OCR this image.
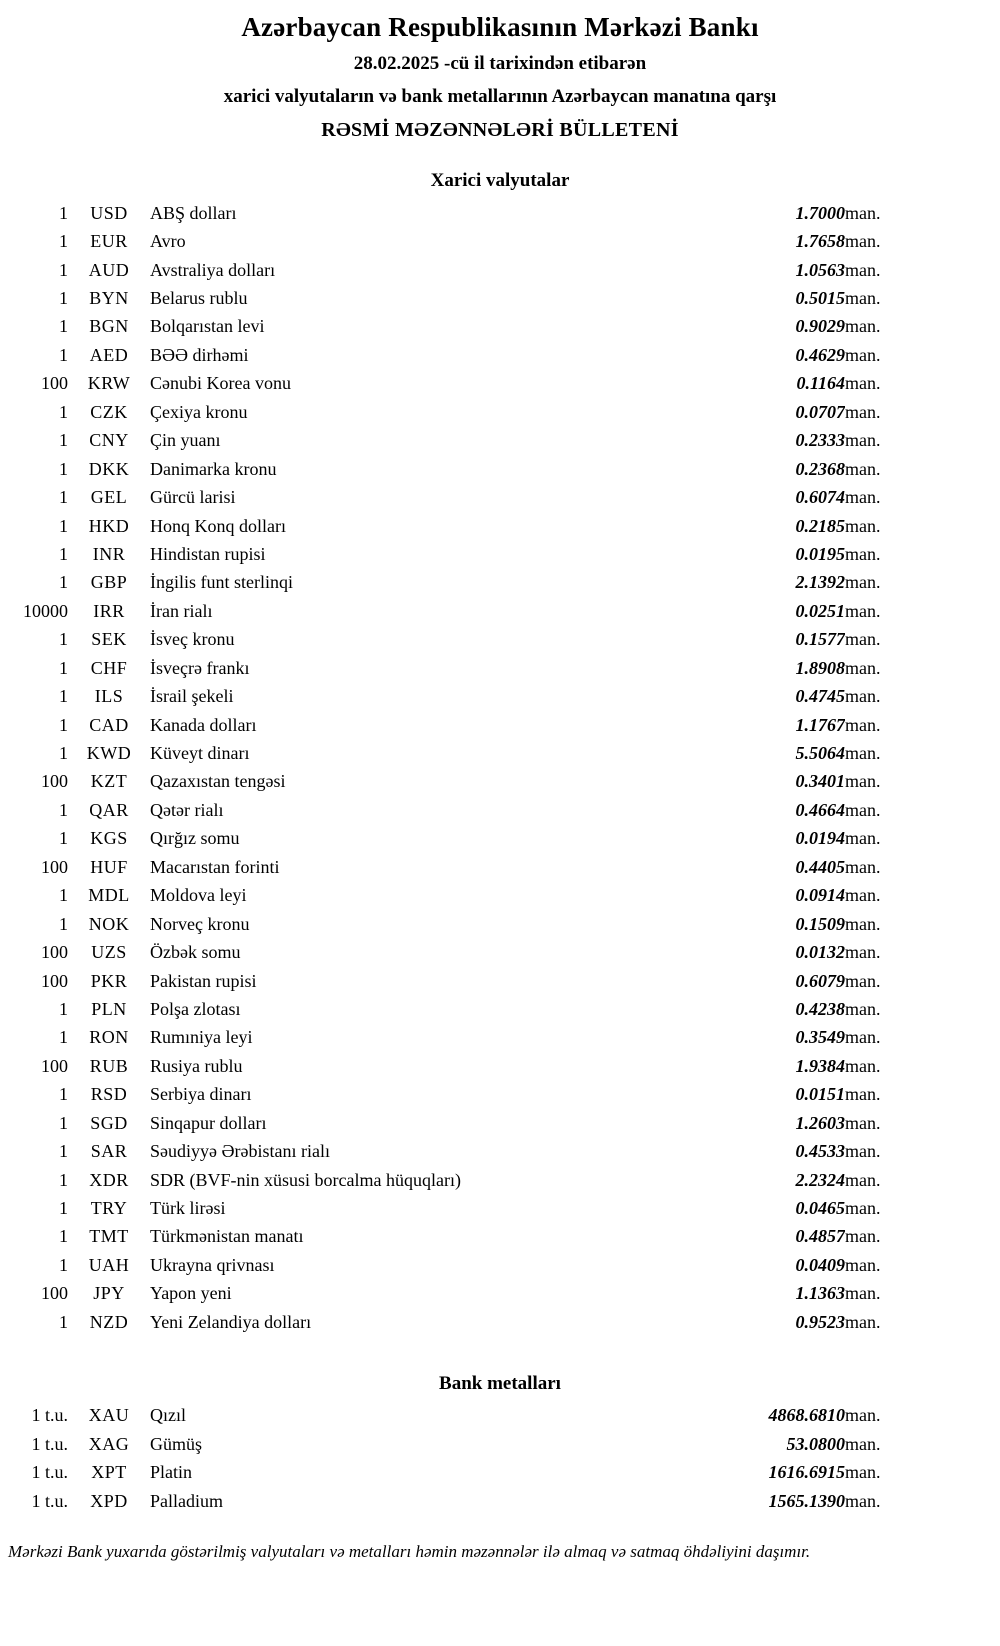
Azərbaycan Respublikasının Mərkəzi Bankı
28.02.2025 -cü il tarixindən etibarən
xarici valyutaların və bank metallarının Azərbaycan manatına qarşı
RƏSMİ MƏZƏNNƏLƏRİ BÜLLETENİ
Xarici valyutalar
1	USD	ABŞ dolları	1.7000	man.
1	EUR	Avro	1.7658	man.
1	AUD	Avstraliya dolları	1.0563	man.
1	BYN	Belarus rublu	0.5015	man.
1	BGN	Bolqarıstan levi	0.9029	man.
1	AED	BƏƏ dirhəmi	0.4629	man.
100	KRW	Cənubi Korea vonu	0.1164	man.
1	CZK	Çexiya kronu	0.0707	man.
1	CNY	Çin yuanı	0.2333	man.
1	DKK	Danimarka kronu	0.2368	man.
1	GEL	Gürcü larisi	0.6074	man.
1	HKD	Honq Konq dolları	0.2185	man.
1	INR	Hindistan rupisi	0.0195	man.
1	GBP	İngilis funt sterlinqi	2.1392	man.
10000	IRR	İran rialı	0.0251	man.
1	SEK	İsveç kronu	0.1577	man.
1	CHF	İsveçrə frankı	1.8908	man.
1	ILS	İsrail şekeli	0.4745	man.
1	CAD	Kanada dolları	1.1767	man.
1	KWD	Küveyt dinarı	5.5064	man.
100	KZT	Qazaxıstan tengəsi	0.3401	man.
1	QAR	Qətər rialı	0.4664	man.
1	KGS	Qırğız somu	0.0194	man.
100	HUF	Macarıstan forinti	0.4405	man.
1	MDL	Moldova leyi	0.0914	man.
1	NOK	Norveç kronu	0.1509	man.
100	UZS	Özbək somu	0.0132	man.
100	PKR	Pakistan rupisi	0.6079	man.
1	PLN	Polşa zlotası	0.4238	man.
1	RON	Rumıniya leyi	0.3549	man.
100	RUB	Rusiya rublu	1.9384	man.
1	RSD	Serbiya dinarı	0.0151	man.
1	SGD	Sinqapur dolları	1.2603	man.
1	SAR	Səudiyyə Ərəbistanı rialı	0.4533	man.
1	XDR	SDR (BVF-nin xüsusi borcalma hüquqları)	2.2324	man.
1	TRY	Türk lirəsi	0.0465	man.
1	TMT	Türkmənistan manatı	0.4857	man.
1	UAH	Ukrayna qrivnası	0.0409	man.
100	JPY	Yapon yeni	1.1363	man.
1	NZD	Yeni Zelandiya dolları	0.9523	man.
Bank metalları
1 t.u.	XAU	Qızıl	4868.6810	man.
1 t.u.	XAG	Gümüş	53.0800	man.
1 t.u.	XPT	Platin	1616.6915	man.
1 t.u.	XPD	Palladium	1565.1390	man.
Mərkəzi Bank yuxarıda göstərilmiş valyutaları və metalları həmin məzənnələr ilə almaq və satmaq öhdəliyini daşımır.
